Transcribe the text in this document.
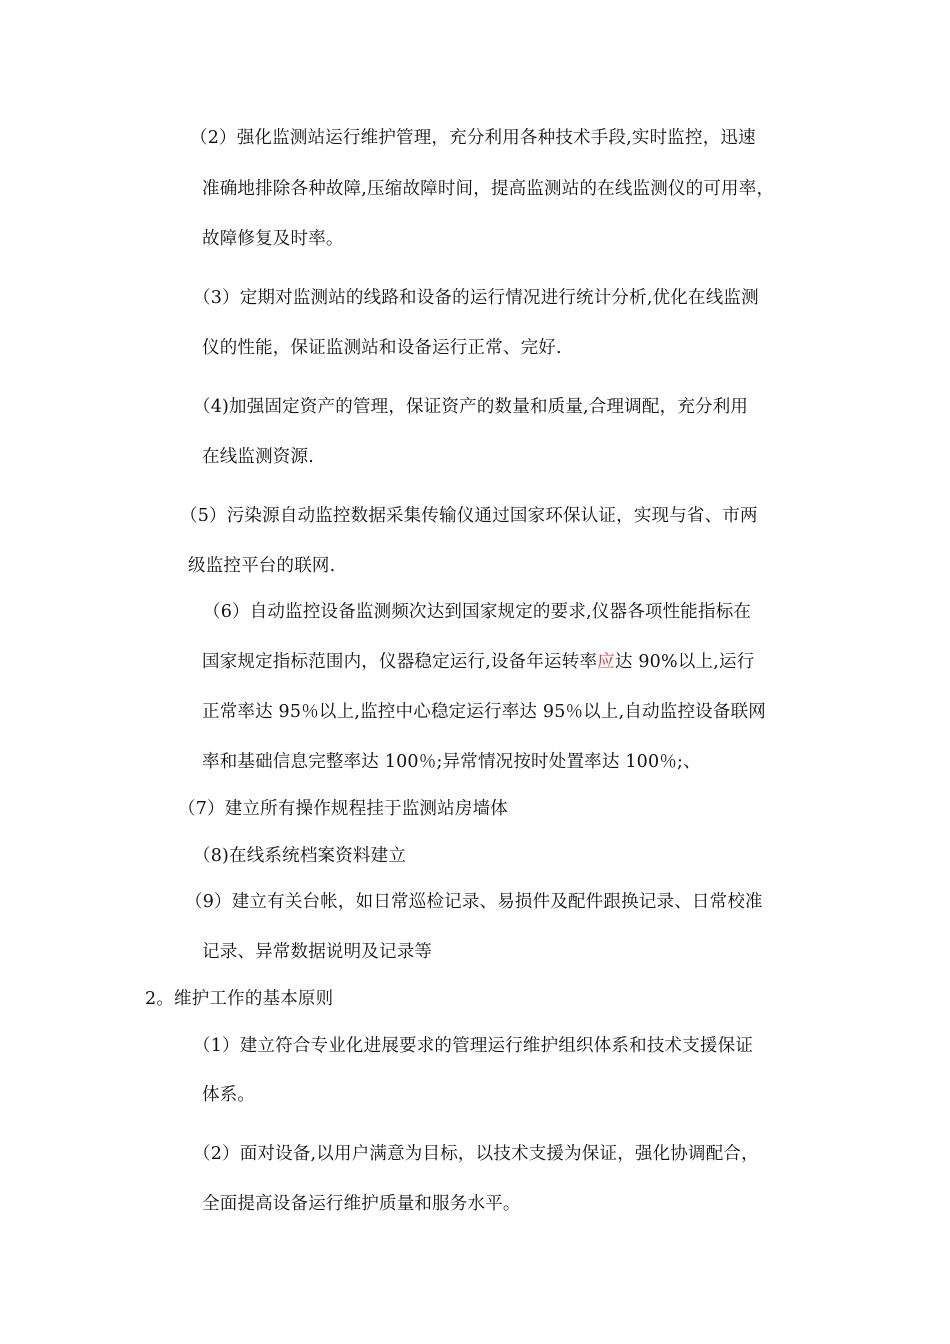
（2）强化监测站运行维护管理，充分利用各种技术手段,实时监控，迅速
准确地排除各种故障,压缩故障时间，提高监测站的在线监测仪的可用率，
故障修复及时率。
（3）定期对监测站的线路和设备的运行情况进行统计分析,优化在线监测
仪的性能，保证监测站和设备运行正常、完好.
（4)加强固定资产的管理，保证资产的数量和质量,合理调配，充分利用
在线监测资源.
（5）污染源自动监控数据采集传输仪通过国家环保认证，实现与省、市两
级监控平台的联网.
（6）自动监控设备监测频次达到国家规定的要求,仪器各项性能指标在
国家规定指标范围内，仪器稳定运行,设备年运转率应达 90%以上,运行
正常率达 95％以上,监控中心稳定运行率达 95％以上,自动监控设备联网
率和基础信息完整率达 100％;异常情况按时处置率达 100％;、
（7）建立所有操作规程挂于监测站房墙体
（8)在线系统档案资料建立
（9）建立有关台帐，如日常巡检记录、易损件及配件跟换记录、日常校准
记录、异常数据说明及记录等
2。维护工作的基本原则
（1）建立符合专业化进展要求的管理运行维护组织体系和技术支援保证
体系。
（2）面对设备,以用户满意为目标，以技术支援为保证，强化协调配合，
全面提高设备运行维护质量和服务水平。
